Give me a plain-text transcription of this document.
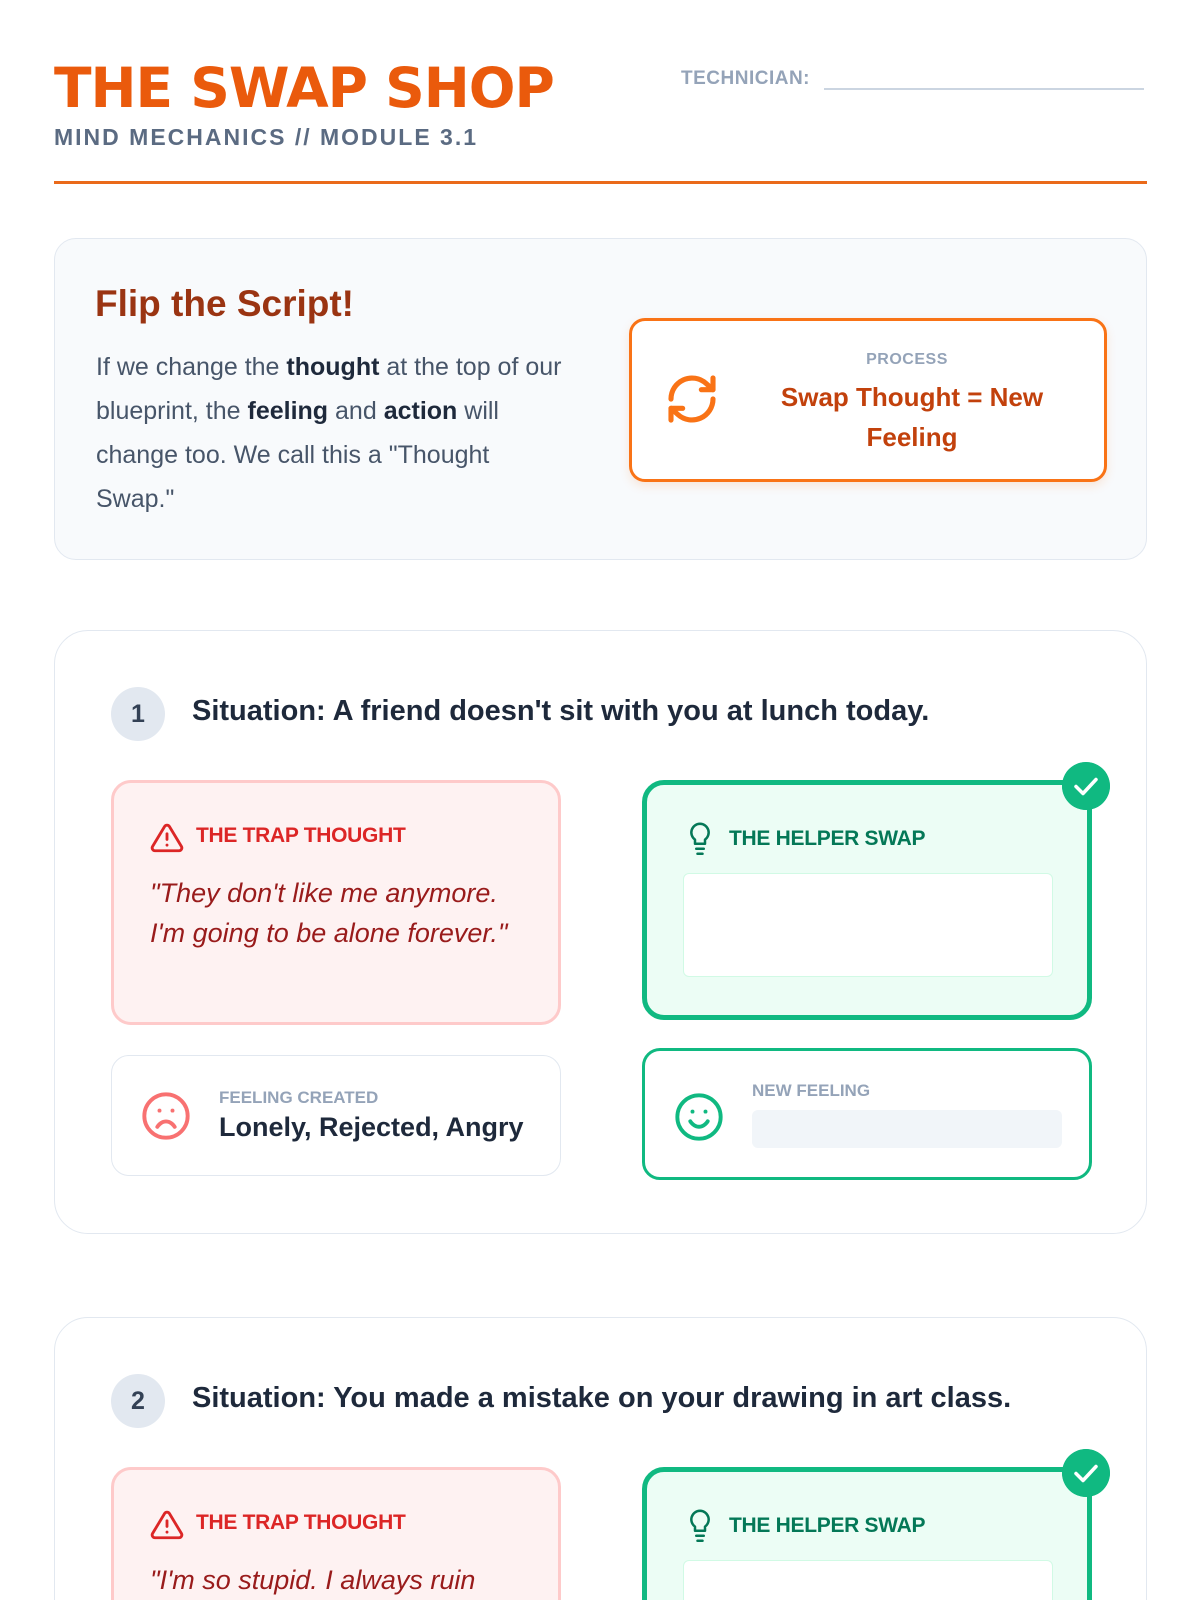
THE SWAP SHOP
MIND MECHANICS // MODULE 3.1
TECHNICIAN:
Flip the Script!

If we change the thought at the top of our blueprint, the feeling and action will change too. We call this a "Thought Swap."

PROCESS
Swap Thought = New Feeling
1	Situation: A friend doesn't sit with you at lunch today.
THE TRAP THOUGHT
"They don't like me anymore. I'm going to be alone forever."
THE HELPER SWAP
FEELING CREATED
Lonely, Rejected, Angry
NEW FEELING
2	Situation: You made a mistake on your drawing in art class.
THE TRAP THOUGHT
"I'm so stupid. I always ruin
THE HELPER SWAP
